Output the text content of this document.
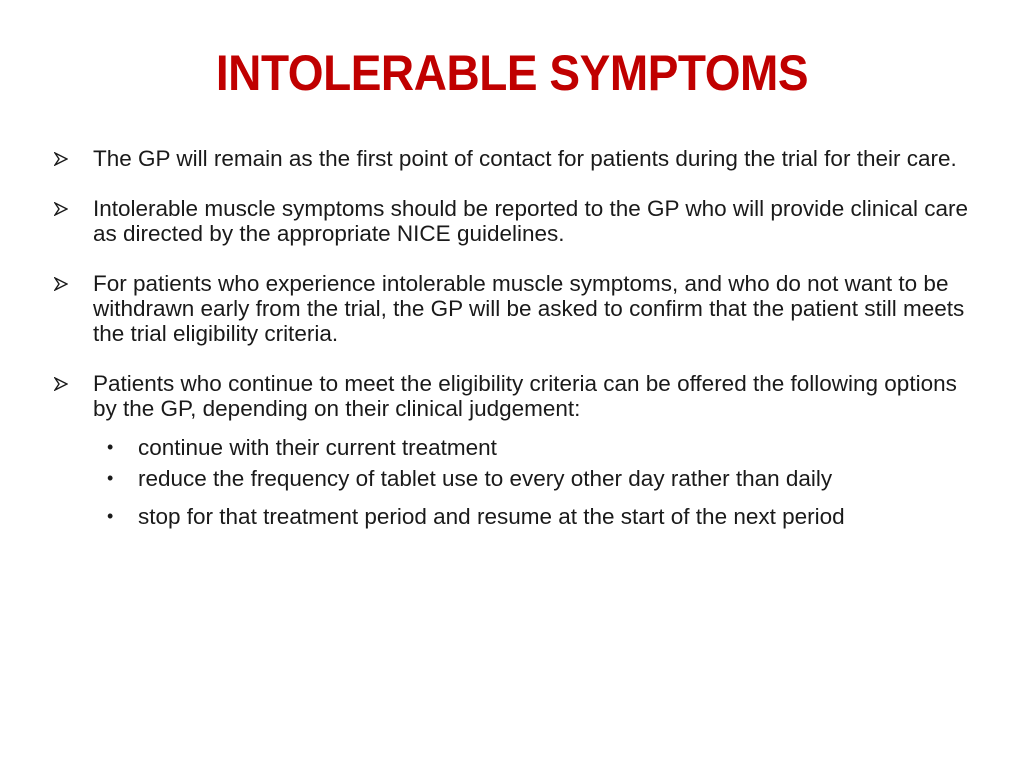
INTOLERABLE SYMPTOMS
The GP will remain as the first point of contact for patients during the trial for their care.
Intolerable muscle symptoms should be reported to the GP who will provide clinical care as directed by the appropriate NICE guidelines.
For patients who experience intolerable muscle symptoms, and who do not want to be withdrawn early from the trial, the GP will be asked to confirm that the patient still meets the trial eligibility criteria.
Patients who continue to meet the eligibility criteria can be offered the following options by the GP, depending on their clinical judgement:
•	continue with their current treatment
•	reduce the frequency of tablet use to every other day rather than daily
•	stop for that treatment period and resume at the start of the next period
